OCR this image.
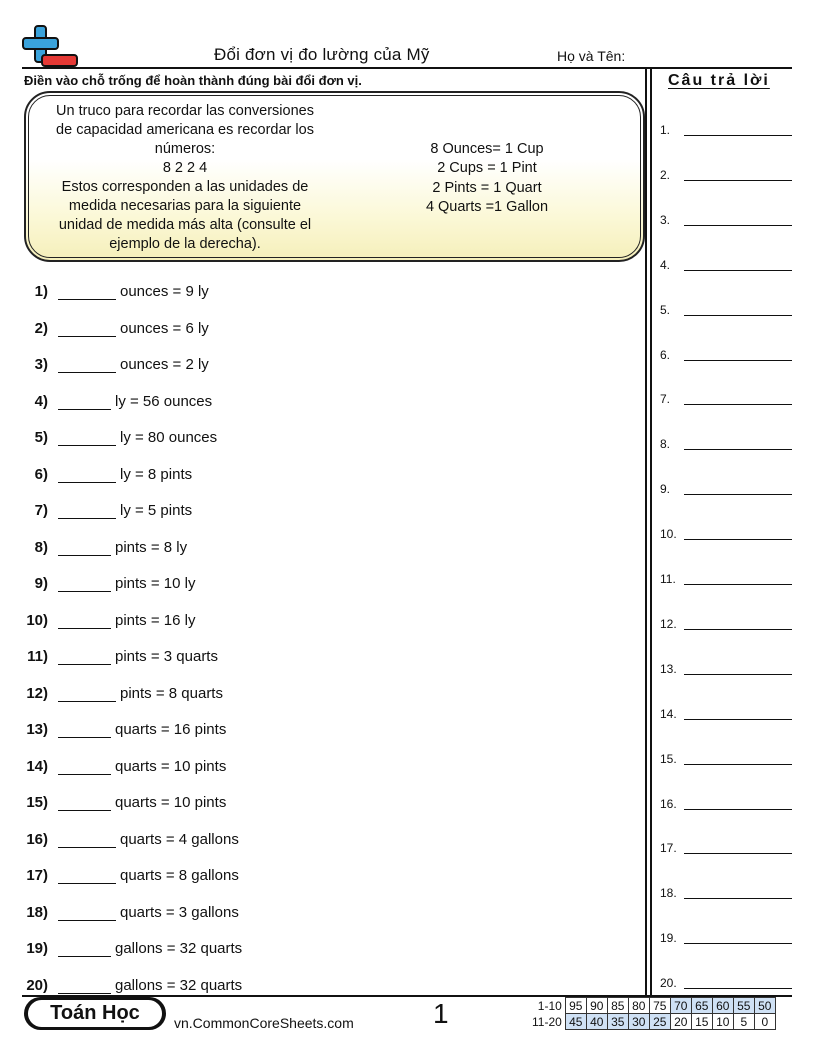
Đổi đơn vị đo lường của Mỹ	Họ và Tên:
Điền vào chỗ trống để hoàn thành đúng bài đổi đơn vị.
Un truco para recordar las conversiones
de capacidad americana es recordar los
números:
8 2 2 4
Estos corresponden a las unidades de
medida necesarias para la siguiente
unidad de medida más alta (consulte el
ejemplo de la derecha).
8 Ounces= 1 Cup
2 Cups = 1 Pint
2 Pints = 1 Quart
4 Quarts =1 Gallon
1)	ounces = 9 ly
2)	ounces = 6 ly
3)	ounces = 2 ly
4)	ly = 56 ounces
5)	ly = 80 ounces
6)	ly = 8 pints
7)	ly = 5 pints
8)	pints = 8 ly
9)	pints = 10 ly
10)	pints = 16 ly
11)	pints = 3 quarts
12)	pints = 8 quarts
13)	quarts = 16 pints
14)	quarts = 10 pints
15)	quarts = 10 pints
16)	quarts = 4 gallons
17)	quarts = 8 gallons
18)	quarts = 3 gallons
19)	gallons = 32 quarts
20)	gallons = 32 quarts
Câu trả lời
1.
2.
3.
4.
5.
6.
7.
8.
9.
10.
11.
12.
13.
14.
15.
16.
17.
18.
19.
20.
Toán Học	vn.CommonCoreSheets.com	1	1-10	95	90	85	80	75	70	65	60	55	50
11-20	45	40	35	30	25	20	15	10	5	0
